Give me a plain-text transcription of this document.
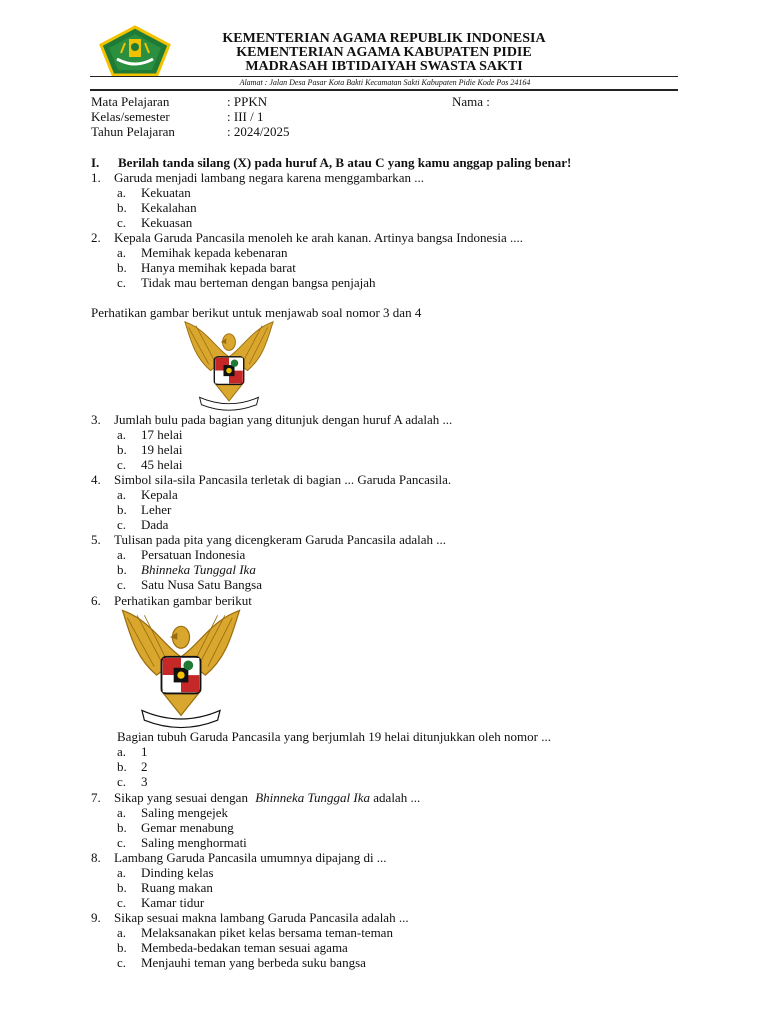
KEMENTERIAN AGAMA REPUBLIK INDONESIA
KEMENTERIAN AGAMA KABUPATEN PIDIE
MADRASAH IBTIDAIYAH SWASTA SAKTI
Alamat : Jalan Desa Pasar Kota Bakti Kecamatan Sakti Kabupaten Pidie Kode Pos 24164
Mata Pelajaran	: PPKN	Nama :
Kelas/semester	: III / 1
Tahun Pelajaran	: 2024/2025
I. Berilah tanda silang (X) pada huruf A, B atau C yang kamu anggap paling benar!
1. Garuda menjadi lambang negara karena menggambarkan ...
a. Kekuatan
b. Kekalahan
c. Kekuasan
2. Kepala Garuda Pancasila menoleh ke arah kanan. Artinya bangsa Indonesia ....
a. Memihak kepada kebenaran
b. Hanya memihak kepada barat
c. Tidak mau berteman dengan bangsa penjajah
Perhatikan gambar berikut untuk menjawab soal nomor 3 dan 4
3. Jumlah bulu pada bagian yang ditunjuk dengan huruf A adalah ...
a. 17 helai
b. 19 helai
c. 45 helai
4. Simbol sila-sila Pancasila terletak di bagian ... Garuda Pancasila.
a. Kepala
b. Leher
c. Dada
5. Tulisan pada pita yang dicengkeram Garuda Pancasila adalah ...
a. Persatuan Indonesia
b. Bhinneka Tunggal Ika
c. Satu Nusa Satu Bangsa
6. Perhatikan gambar berikut
Bagian tubuh Garuda Pancasila yang berjumlah 19 helai ditunjukkan oleh nomor ...
a. 1
b. 2
c. 3
7. Sikap yang sesuai dengan Bhinneka Tunggal Ika adalah ...
a. Saling mengejek
b. Gemar menabung
c. Saling menghormati
8. Lambang Garuda Pancasila umumnya dipajang di ...
a. Dinding kelas
b. Ruang makan
c. Kamar tidur
9. Sikap sesuai makna lambang Garuda Pancasila adalah ...
a. Melaksanakan piket kelas bersama teman-teman
b. Membeda-bedakan teman sesuai agama
c. Menjauhi teman yang berbeda suku bangsa
